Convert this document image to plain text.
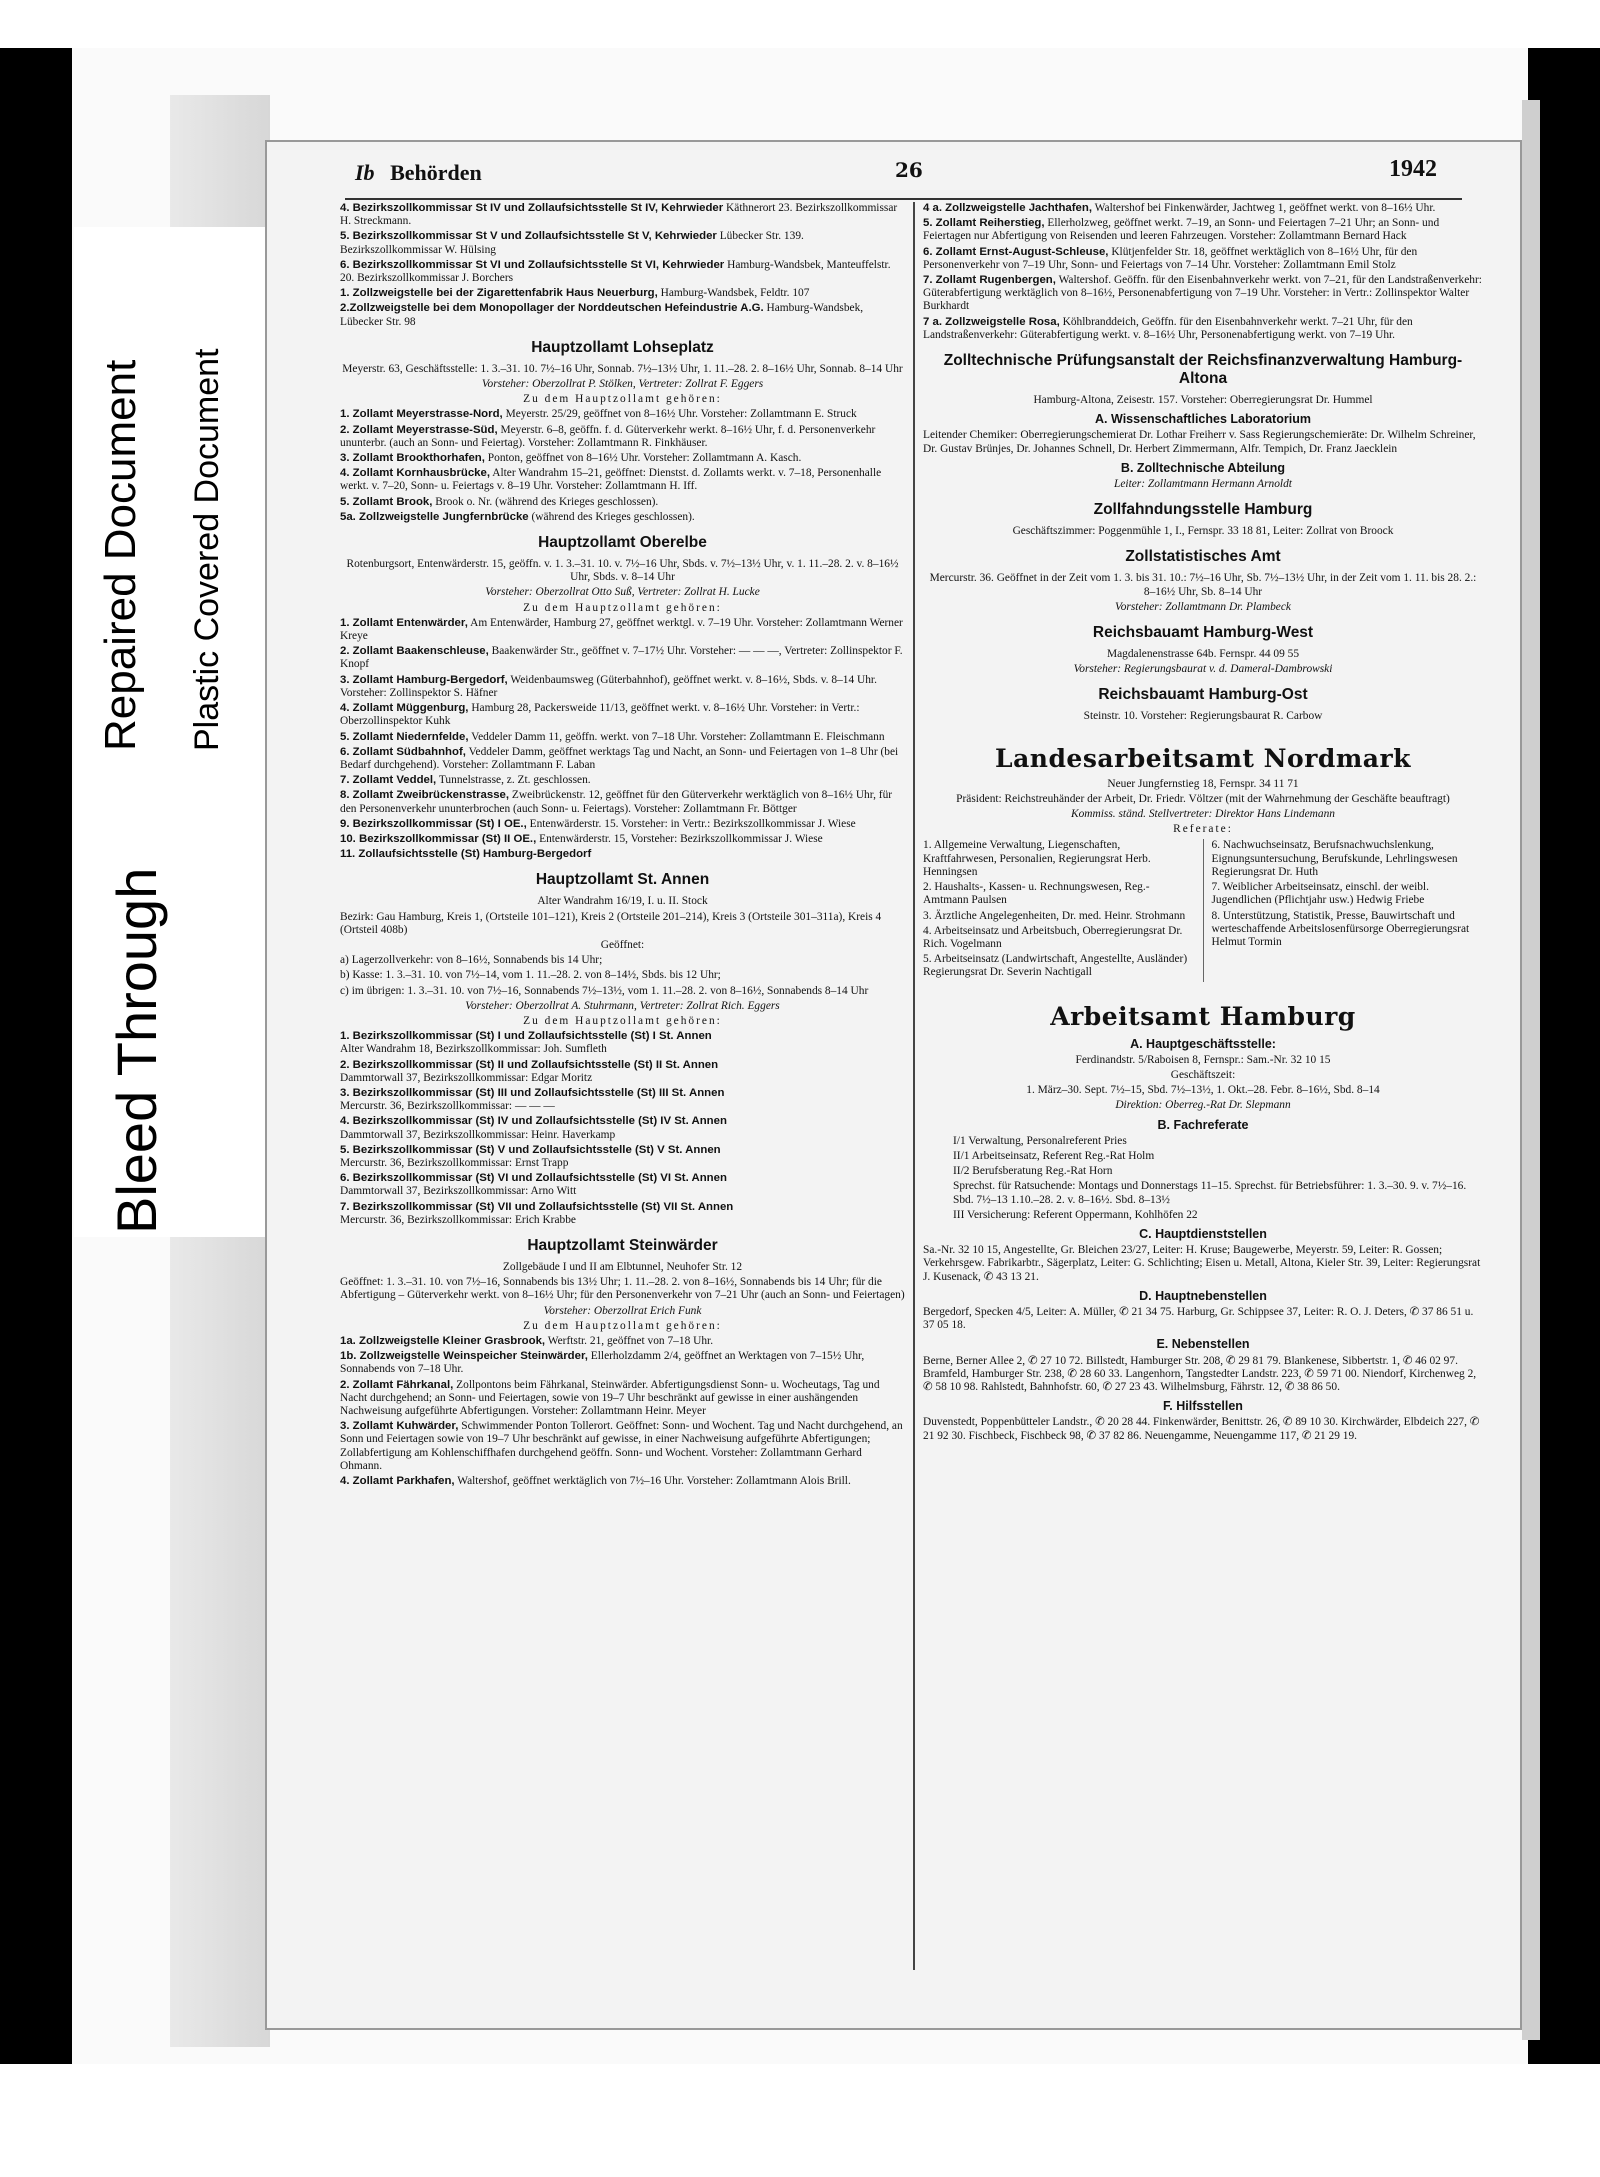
Repaired Document Plastic Covered Document
Bleed Through
Ib Behörden	26	1942

4. Bezirkszollkommissar St IV und Zollaufsichtsstelle St IV, Kehrwieder Käthnerort 23. Bezirkszollkommissar H. Streckmann.

5. Bezirkszollkommissar St V und Zollaufsichtsstelle St V, Kehrwieder Lübecker Str. 139. Bezirkszollkommissar W. Hülsing

6. Bezirkszollkommissar St VI und Zollaufsichtsstelle St VI, Kehrwieder Hamburg-Wandsbek, Manteuffelstr. 20. Bezirkszollkommissar J. Borchers

1. Zollzweigstelle bei der Zigarettenfabrik Haus Neuerburg, Hamburg-Wandsbek, Feldtr. 107

2.Zollzweigstelle bei dem Monopollager der Norddeutschen Hefeindustrie A.G. Hamburg-Wandsbek, Lübecker Str. 98

Hauptzollamt Lohseplatz

Meyerstr. 63, Geschäftsstelle: 1. 3.–31. 10. 7½–16 Uhr, Sonnab. 7½–13½ Uhr, 1. 11.–28. 2. 8–16½ Uhr, Sonnab. 8–14 Uhr

Vorsteher: Oberzollrat P. Stölken, Vertreter: Zollrat F. Eggers

Zu dem Hauptzollamt gehören:

1. Zollamt Meyerstrasse-Nord, Meyerstr. 25/29, geöffnet von 8–16½ Uhr. Vorsteher: Zollamtmann E. Struck

2. Zollamt Meyerstrasse-Süd, Meyerstr. 6–8, geöffn. f. d. Güterverkehr werkt. 8–16½ Uhr, f. d. Personenverkehr ununterbr. (auch an Sonn- und Feiertag). Vorsteher: Zollamtmann R. Finkhäuser.

3. Zollamt Brookthorhafen, Ponton, geöffnet von 8–16½ Uhr. Vorsteher: Zollamtmann A. Kasch.

4. Zollamt Kornhausbrücke, Alter Wandrahm 15–21, geöffnet: Dienstst. d. Zollamts werkt. v. 7–18, Personenhalle werkt. v. 7–20, Sonn- u. Feiertags v. 8–19 Uhr. Vorsteher: Zollamtmann H. Iff.

5. Zollamt Brook, Brook o. Nr. (während des Krieges geschlossen).

5a. Zollzweigstelle Jungfernbrücke (während des Krieges geschlossen).

Hauptzollamt Oberelbe

Rotenburgsort, Entenwärderstr. 15, geöffn. v. 1. 3.–31. 10. v. 7½–16 Uhr, Sbds. v. 7½–13½ Uhr, v. 1. 11.–28. 2. v. 8–16½ Uhr, Sbds. v. 8–14 Uhr

Vorsteher: Oberzollrat Otto Suß, Vertreter: Zollrat H. Lucke

Zu dem Hauptzollamt gehören:

1. Zollamt Entenwärder, Am Entenwärder, Hamburg 27, geöffnet werktgl. v. 7–19 Uhr. Vorsteher: Zollamtmann Werner Kreye

2. Zollamt Baakenschleuse, Baakenwärder Str., geöffnet v. 7–17½ Uhr. Vorsteher: — — —, Vertreter: Zollinspektor F. Knopf

3. Zollamt Hamburg-Bergedorf, Weidenbaumsweg (Güterbahnhof), geöffnet werkt. v. 8–16½, Sbds. v. 8–14 Uhr. Vorsteher: Zollinspektor S. Häfner

4. Zollamt Müggenburg, Hamburg 28, Packersweide 11/13, geöffnet werkt. v. 8–16½ Uhr. Vorsteher: in Vertr.: Oberzollinspektor Kuhk

5. Zollamt Niedernfelde, Veddeler Damm 11, geöffn. werkt. von 7–18 Uhr. Vorsteher: Zollamtmann E. Fleischmann

6. Zollamt Südbahnhof, Veddeler Damm, geöffnet werktags Tag und Nacht, an Sonn- und Feiertagen von 1–8 Uhr (bei Bedarf durchgehend). Vorsteher: Zollamtmann F. Laban

7. Zollamt Veddel, Tunnelstrasse, z. Zt. geschlossen.

8. Zollamt Zweibrückenstrasse, Zweibrückenstr. 12, geöffnet für den Güterverkehr werktäglich von 8–16½ Uhr, für den Personenverkehr ununterbrochen (auch Sonn- u. Feiertags). Vorsteher: Zollamtmann Fr. Böttger

9. Bezirkszollkommissar (St) I OE., Entenwärderstr. 15. Vorsteher: in Vertr.: Bezirkszollkommissar J. Wiese

10. Bezirkszollkommissar (St) II OE., Entenwärderstr. 15, Vorsteher: Bezirkszollkommissar J. Wiese

11. Zollaufsichtsstelle (St) Hamburg-Bergedorf

Hauptzollamt St. Annen

Alter Wandrahm 16/19, I. u. II. Stock

Bezirk: Gau Hamburg, Kreis 1, (Ortsteile 101–121), Kreis 2 (Ortsteile 201–214), Kreis 3 (Ortsteile 301–311a), Kreis 4 (Ortsteil 408b)

Geöffnet:

a) Lagerzollverkehr: von 8–16½, Sonnabends bis 14 Uhr;

b) Kasse: 1. 3.–31. 10. von 7½–14, vom 1. 11.–28. 2. von 8–14½, Sbds. bis 12 Uhr;

c) im übrigen: 1. 3.–31. 10. von 7½–16, Sonnabends 7½–13½, vom 1. 11.–28. 2. von 8–16½, Sonnabends 8–14 Uhr

Vorsteher: Oberzollrat A. Stuhrmann, Vertreter: Zollrat Rich. Eggers

Zu dem Hauptzollamt gehören:

1. Bezirkszollkommissar (St) I und Zollaufsichtsstelle (St) I St. Annen
Alter Wandrahm 18, Bezirkszollkommissar: Joh. Sumfleth

2. Bezirkszollkommissar (St) II und Zollaufsichtsstelle (St) II St. Annen
Dammtorwall 37, Bezirkszollkommissar: Edgar Moritz

3. Bezirkszollkommissar (St) III und Zollaufsichtsstelle (St) III St. Annen
Mercurstr. 36, Bezirkszollkommissar: — — —

4. Bezirkszollkommissar (St) IV und Zollaufsichtsstelle (St) IV St. Annen
Dammtorwall 37, Bezirkszollkommissar: Heinr. Haverkamp

5. Bezirkszollkommissar (St) V und Zollaufsichtsstelle (St) V St. Annen
Mercurstr. 36, Bezirkszollkommissar: Ernst Trapp

6. Bezirkszollkommissar (St) VI und Zollaufsichtsstelle (St) VI St. Annen
Dammtorwall 37, Bezirkszollkommissar: Arno Witt

7. Bezirkszollkommissar (St) VII und Zollaufsichtsstelle (St) VII St. Annen
Mercurstr. 36, Bezirkszollkommissar: Erich Krabbe

Hauptzollamt Steinwärder

Zollgebäude I und II am Elbtunnel, Neuhofer Str. 12

Geöffnet: 1. 3.–31. 10. von 7½–16, Sonnabends bis 13½ Uhr; 1. 11.–28. 2. von 8–16½, Sonnabends bis 14 Uhr; für die Abfertigung – Güterverkehr werkt. von 8–16½ Uhr; für den Personenverkehr von 7–21 Uhr (auch an Sonn- und Feiertagen)

Vorsteher: Oberzollrat Erich Funk

Zu dem Hauptzollamt gehören:

1a. Zollzweigstelle Kleiner Grasbrook, Werftstr. 21, geöffnet von 7–18 Uhr.

1b. Zollzweigstelle Weinspeicher Steinwärder, Ellerholzdamm 2/4, geöffnet an Werktagen von 7–15½ Uhr, Sonnabends von 7–18 Uhr.

2. Zollamt Fährkanal, Zollpontons beim Fährkanal, Steinwärder. Abfertigungsdienst Sonn- u. Wocheutags, Tag und Nacht durchgehend; an Sonn- und Feiertagen, sowie von 19–7 Uhr beschränkt auf gewisse in einer aushängenden Nachweisung aufgeführte Abfertigungen. Vorsteher: Zollamtmann Heinr. Meyer

3. Zollamt Kuhwärder, Schwimmender Ponton Tollerort. Geöffnet: Sonn- und Wochent. Tag und Nacht durchgehend, an Sonn und Feiertagen sowie von 19–7 Uhr beschränkt auf gewisse, in einer Nachweisung aufgeführte Abfertigungen; Zollabfertigung am Kohlenschiffhafen durchgehend geöffn. Sonn- und Wochent. Vorsteher: Zollamtmann Gerhard Ohmann.

4. Zollamt Parkhafen, Waltershof, geöffnet werktäglich von 7½–16 Uhr. Vorsteher: Zollamtmann Alois Brill.

4 a. Zollzweigstelle Jachthafen, Waltershof bei Finkenwärder, Jachtweg 1, geöffnet werkt. von 8–16½ Uhr.

5. Zollamt Reiherstieg, Ellerholzweg, geöffnet werkt. 7–19, an Sonn- und Feiertagen 7–21 Uhr; an Sonn- und Feiertagen nur Abfertigung von Reisenden und leeren Fahrzeugen. Vorsteher: Zollamtmann Bernard Hack

6. Zollamt Ernst-August-Schleuse, Klütjenfelder Str. 18, geöffnet werktäglich von 8–16½ Uhr, für den Personenverkehr von 7–19 Uhr, Sonn- und Feiertags von 7–14 Uhr. Vorsteher: Zollamtmann Emil Stolz

7. Zollamt Rugenbergen, Waltershof. Geöffn. für den Eisenbahnverkehr werkt. von 7–21, für den Landstraßenverkehr: Güterabfertigung werktäglich von 8–16½, Personenabfertigung von 7–19 Uhr. Vorsteher: in Vertr.: Zollinspektor Walter Burkhardt

7 a. Zollzweigstelle Rosa, Köhlbranddeich, Geöffn. für den Eisenbahnverkehr werkt. 7–21 Uhr, für den Landstraßenverkehr: Güterabfertigung werkt. v. 8–16½ Uhr, Personenabfertigung werkt. von 7–19 Uhr.

Zolltechnische Prüfungsanstalt der Reichsfinanzverwaltung Hamburg-Altona

Hamburg-Altona, Zeisestr. 157. Vorsteher: Oberregierungsrat Dr. Hummel

A. Wissenschaftliches Laboratorium

Leitender Chemiker: Oberregierungschemierat Dr. Lothar Freiherr v. Sass Regierungschemierāte: Dr. Wilhelm Schreiner, Dr. Gustav Brünjes, Dr. Johannes Schnell, Dr. Herbert Zimmermann, Alfr. Tempich, Dr. Franz Jaecklein

B. Zolltechnische Abteilung

Leiter: Zollamtmann Hermann Arnoldt

Zollfahndungsstelle Hamburg

Geschäftszimmer: Poggenmühle 1, I., Fernspr. 33 18 81, Leiter: Zollrat von Broock

Zollstatistisches Amt

Mercurstr. 36. Geöffnet in der Zeit vom 1. 3. bis 31. 10.: 7½–16 Uhr, Sb. 7½–13½ Uhr, in der Zeit vom 1. 11. bis 28. 2.: 8–16½ Uhr, Sb. 8–14 Uhr

Vorsteher: Zollamtmann Dr. Plambeck

Reichsbauamt Hamburg-West

Magdalenenstrasse 64b. Fernspr. 44 09 55

Vorsteher: Regierungsbaurat v. d. Dameral-Dambrowski

Reichsbauamt Hamburg-Ost

Steinstr. 10. Vorsteher: Regierungsbaurat R. Carbow

Landesarbeitsamt Nordmark

Neuer Jungfernstieg 18, Fernspr. 34 11 71

Präsident: Reichstreuhänder der Arbeit, Dr. Friedr. Völtzer (mit der Wahrnehmung der Geschäfte beauftragt)

Kommiss. ständ. Stellvertreter: Direktor Hans Lindemann

Referate:

1. Allgemeine Verwaltung, Liegenschaften, Kraftfahrwesen, Personalien, Regierungsrat Herb. Henningsen

2. Haushalts-, Kassen- u. Rechnungswesen, Reg.-Amtmann Paulsen

3. Ärztliche Angelegenheiten, Dr. med. Heinr. Strohmann

4. Arbeitseinsatz und Arbeitsbuch, Oberregierungsrat Dr. Rich. Vogelmann

5. Arbeitseinsatz (Landwirtschaft, Angestellte, Ausländer) Regierungsrat Dr. Severin Nachtigall

6. Nachwuchseinsatz, Berufsnachwuchslenkung, Eignungsuntersuchung, Berufskunde, Lehrlingswesen Regierungsrat Dr. Huth

7. Weiblicher Arbeitseinsatz, einschl. der weibl. Jugendlichen (Pflichtjahr usw.) Hedwig Friebe

8. Unterstützung, Statistik, Presse, Bauwirtschaft und werteschaffende Arbeitslosenfürsorge Oberregierungsrat Helmut Tormin

Arbeitsamt Hamburg
A. Hauptgeschäftsstelle:

Ferdinandstr. 5/Raboisen 8, Fernspr.: Sam.-Nr. 32 10 15

Geschäftszeit:

1. März–30. Sept. 7½–15, Sbd. 7½–13½, 1. Okt.–28. Febr. 8–16½, Sbd. 8–14

Direktion: Oberreg.-Rat Dr. Slepmann

B. Fachreferate

I/1 Verwaltung, Personalreferent Pries

II/1 Arbeitseinsatz, Referent Reg.-Rat Holm

II/2 Berufsberatung Reg.-Rat Horn

Sprechst. für Ratsuchende: Montags und Donnerstags 11–15. Sprechst. für Betriebsführer: 1. 3.–30. 9. v. 7½–16. Sbd. 7½–13 1.10.–28. 2. v. 8–16½. Sbd. 8–13½

III Versicherung: Referent Oppermann, Kohlhöfen 22

C. Hauptdienststellen

Sa.-Nr. 32 10 15, Angestellte, Gr. Bleichen 23/27, Leiter: H. Kruse; Baugewerbe, Meyerstr. 59, Leiter: R. Gossen; Verkehrsgew. Fabrikarbtr., Sägerplatz, Leiter: G. Schlichting; Eisen u. Metall, Altona, Kieler Str. 39, Leiter: Regierungsrat J. Kusenack, ✆ 43 13 21.

D. Hauptnebenstellen

Bergedorf, Specken 4/5, Leiter: A. Müller, ✆ 21 34 75. Harburg, Gr. Schippsee 37, Leiter: R. O. J. Deters, ✆ 37 86 51 u. 37 05 18.

E. Nebenstellen

Berne, Berner Allee 2, ✆ 27 10 72. Billstedt, Hamburger Str. 208, ✆ 29 81 79. Blankenese, Sibbertstr. 1, ✆ 46 02 97. Bramfeld, Hamburger Str. 238, ✆ 28 60 33. Langenhorn, Tangstedter Landstr. 223, ✆ 59 71 00. Niendorf, Kirchenweg 2, ✆ 58 10 98. Rahlstedt, Bahnhofstr. 60, ✆ 27 23 43. Wilhelmsburg, Fährstr. 12, ✆ 38 86 50.

F. Hilfsstellen

Duvenstedt, Poppenbütteler Landstr., ✆ 20 28 44. Finkenwärder, Benittstr. 26, ✆ 89 10 30. Kirchwärder, Elbdeich 227, ✆ 21 92 30. Fischbeck, Fischbeck 98, ✆ 37 82 86. Neuengamme, Neuengamme 117, ✆ 21 29 19.
